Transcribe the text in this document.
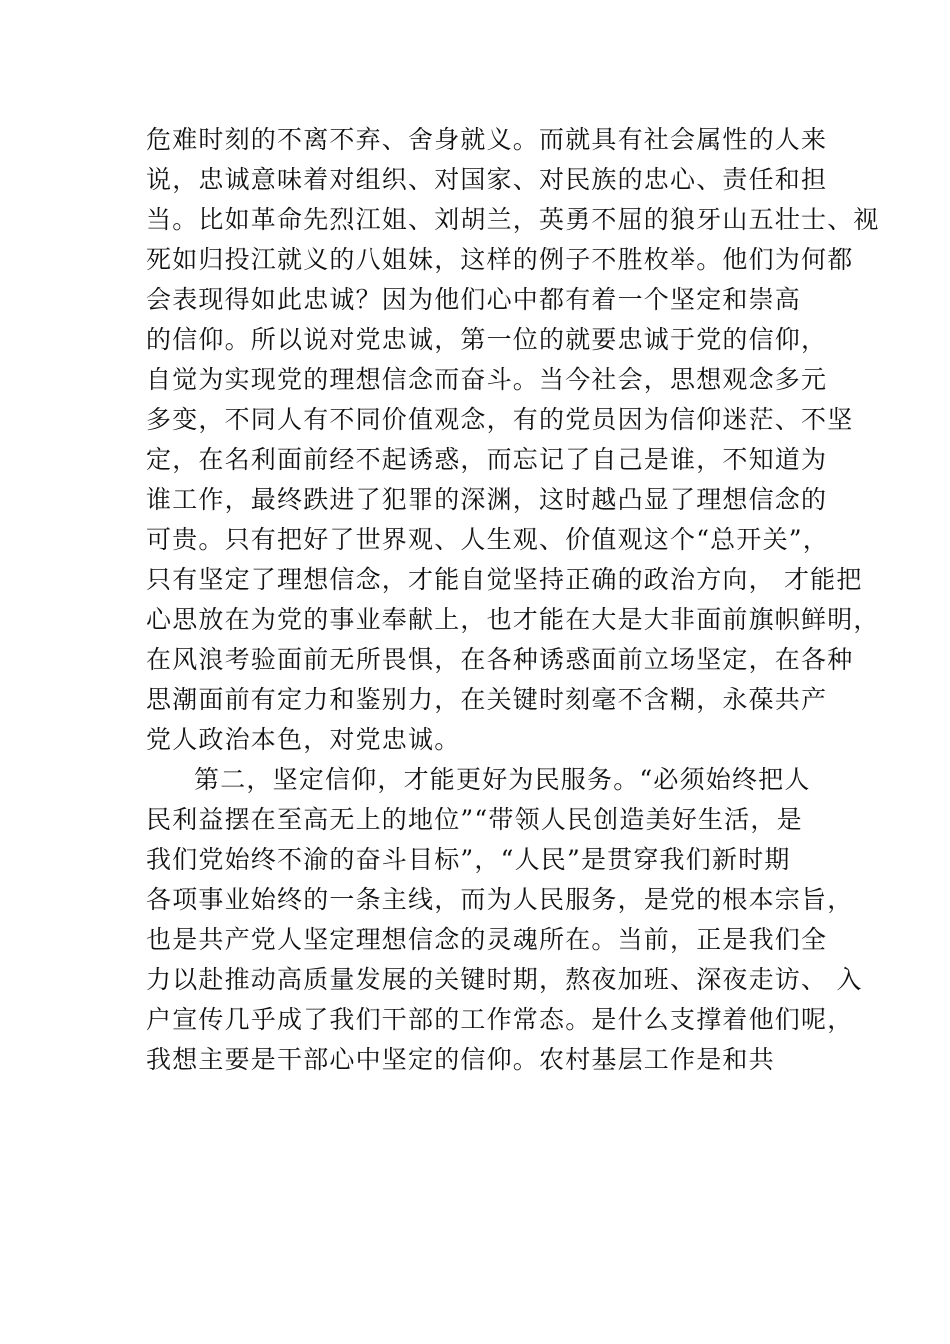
危难时刻的不离不弃、舍身就义。而就具有社会属性的人来
说，忠诚意味着对组织、对国家、对民族的忠心、责任和担
当。比如革命先烈江姐、刘胡兰，英勇不屈的狼牙山五壮士、视
死如归投江就义的八姐妹，这样的例子不胜枚举。他们为何都
会表现得如此忠诚？因为他们心中都有着一个坚定和崇高
的信仰。所以说对党忠诚，第一位的就要忠诚于党的信仰，
自觉为实现党的理想信念而奋斗。当今社会，思想观念多元
多变，不同人有不同价值观念，有的党员因为信仰迷茫、不坚
定，在名利面前经不起诱惑，而忘记了自己是谁，不知道为
谁工作，最终跌进了犯罪的深渊，这时越凸显了理想信念的
可贵。只有把好了世界观、人生观、价值观这个“总开关”，
只有坚定了理想信念，才能自觉坚持正确的政治方向， 才能把
心思放在为党的事业奉献上，也才能在大是大非面前旗帜鲜明，
在风浪考验面前无所畏惧，在各种诱惑面前立场坚定，在各种
思潮面前有定力和鉴别力，在关键时刻毫不含糊，永葆共产
党人政治本色，对党忠诚。
第二，坚定信仰，才能更好为民服务。“必须始终把人
民利益摆在至高无上的地位”“带领人民创造美好生活，是
我们党始终不渝的奋斗目标”，“人民”是贯穿我们新时期
各项事业始终的一条主线，而为人民服务，是党的根本宗旨，
也是共产党人坚定理想信念的灵魂所在。当前，正是我们全
力以赴推动高质量发展的关键时期，熬夜加班、深夜走访、 入
户宣传几乎成了我们干部的工作常态。是什么支撑着他们呢，
我想主要是干部心中坚定的信仰。农村基层工作是和共
